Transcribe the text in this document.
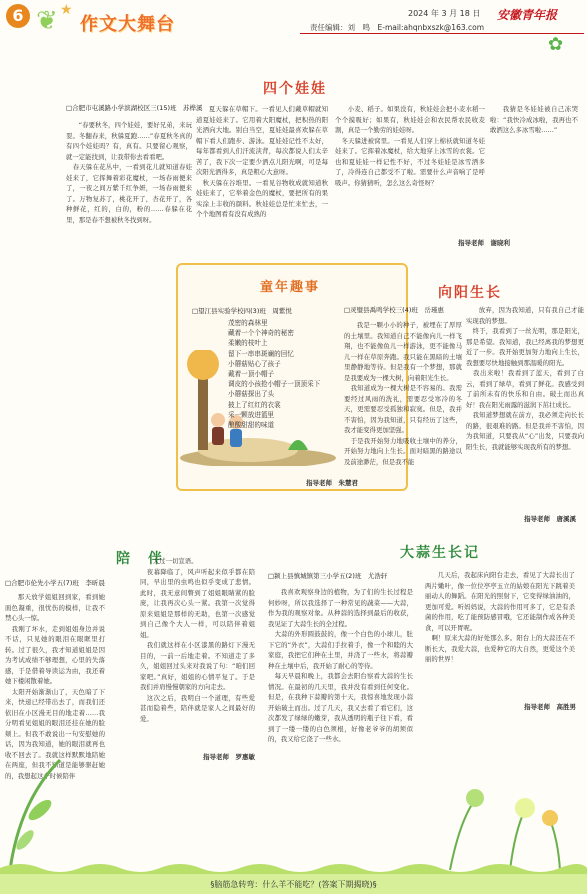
6 ❦ ★
作文大舞台
2024 年 3 月 18 日
责任编辑：刘　鸣　E-mail:ahqnbxszk@163.com
安徽青年报
✿
四个娃娃
□合肥市屯溪路小学滨湖校区三(15)班　苏桦溪

“春要秋冬，四个娃娃，要好兄弟，来玩耍。冬翻春来，秋躲夏跑……”春夏秋冬真的有四个娃娃吗？有，真有。只要留心观察，就一定能找到，让我带你去看看吧。
　春天躲在花丛中，一看到花儿就知道春娃娃来了，它挥舞着彩花魔杖，一场春雨便来了，一夜之间万紫千红争妍，一场春雨便来了。万物复苏了，桃花开了，杏花开了，各种鲜花，红的，白的，粉的……春躲在花里，那是春不想被秋冬找到呀。

夏天躲在草帽下。一看见人们戴草帽就知道夏娃娃来了。它用着大阳魔杖，把积热的阳光洒向大地。别白当空，夏娃娃最喜欢躲在草帽下看人们跑步、游泳。夏娃娃记性不太好，每年都看到人们汗流浃背，每次都说人们太辛苦了，我下次一定要少洒点儿阳光啊，可是每次阳光洒得多，真是粗心大意呀。
　秋天躲在谷堆里。一看见谷物收成就知道秋娃娃来了，它举着金色的魔杖，要把所有的果实涂上丰收的颜料。秋娃娃总是忙来忙去，一个个地图看有没有成熟的

小麦、稻子。如果没有，秋娃娃会把小麦水稻一个个摸吸好；如果有，秋娃娃会和农民帮农民收麦割，真是一个勤劳的娃娃呀。
　冬天躲进被窝里。一看见人们穿上棉袄就知道冬娃娃来了。它挥着冰魔杖，给大地穿上冰雪的衣裳。它也和夏娃娃一样记性不好，不过冬娃娃是冰雪洒多了，冷得连自己都受不了啦。需要什么声音响了是呼吸声。你猜猜听，怎么这么奇怪呀？

我猜是冬娃娃被自己冻哭啦：“我快冷成冰啦，我再也不敢洒这么多冰雪啦……”

指导老师　谢晓利
童年趣事
□望江县实验学校四(3)班　周紫悦
茂密的森林里
藏着一个个神奇的秘密
柔嫩的枝叶上
留下一串串斑斓的回忆
小蘑菇贴心了孩子
戴着一顶小帽子
调皮的小孩抢小帽子一顶顶采下
小蘑菇探出了头
披上了红红的衣裳
采一颗放进篮里
酿酸甜甜的味道
指导老师　朱慧君
向阳生长
□灵璧县禹鸣学校三(4)班　岳瑾惠

我是一颗小小的种子，被埋在了厚厚的土壤里。我知道自己不能像向儿一样飞翔，也不能像鱼儿一样游泳，更不能像马儿一样在草原奔跑。我只能在黑暗的土壤里静静地等待。但是我有一个梦想，那就是我要成为一棵大树，向着阳光生长。
　我知道成为一棵大树是不容易的。我需要经过风雨的洗礼，需要忍受寒冷的冬天，更需要忍受孤独和寂寞。但是，我并不害怕，因为我知道，只有经历了这些，我才能变得更加坚强。
　于是我开始努力地吸收土壤中的养分，开始努力地向上生长。面对暗黑的路途以及前途渺茫，但是我不能

放弃，因为我知道，只有我自己才能实现我的梦想。
　终于，我看到了一丝光明，那是阳光，那是希望。我知道，我已经离我的梦想更近了一步。我开始更加努力地向上生长，我想要尽快地接触到那温暖的阳光。
　我出来啦！我看到了蓝天，看到了白云，看到了绿草，看到了鲜花。我感受到了前所未有的快乐和自由。破土而出真好！我在阳光雨露的滋润下茁壮成长。
　我知道梦想就在前方，我必须走向长长的路，很艰难的路。但是我并不害怕，因为我知道，只要我从“心”出发，只要我向阳生长，我就能够实现我所有的梦想。

指导老师　唐溪溪
陪　伴
□合肥市伦先小学五(7)班　李昕晨

那天放学姐姐回到家，看到她面色凝重，很忧伤的模样，让我不禁心头一惊。
　我刚了坏水，走到姐姐身边并说不话，只见她的眼泪在眼眶里打转。过了很久，我才知道姐姐是因为考试成绩不够理想，心里的失落感，于是借着导读运为由，我还着她下楼闲散着她。
　太阳开始渐渐山了，天色暗了下来，快递已经带出去了，而我们还依旧在小区漫无目的地走着……我分明看见姐姐的眼泪还挂在她的脸颊上。但我不敢说出一句安慰她的话，因为我知道，她的眼泪就再也收不回去了。我就这样默默地陪她在两座，但我不知道是能够驱赶她的，我想起这个时候陪伴

大过一切宣语。
　夜幕降临了，风声听起来似乎都在陪同，早出里的虫鸣也似乎变成了悲情。此时，我无意间瞥到了姐姐眼睛紧的脸庞，让我再次心头一紧。我第一次觉得原来姐姐是那样的无助，也第一次感觉到自己像个大人一样，可以陪伴着姐姐。
　我们就这样在小区漆黑的路灯下漫无目的，一前一后地走着。不知道走了多久，姐姐回过头来对我说了句：“咱们回家吧。”真好，姐姐的心情平复了。于是我们并肩慢慢朝家的方向走去。
　这次之后，我明白一个道理，有些爱甚而隐着些，陪伴就是家人之间最好的爱。

指导老师　罗惠敏
大蒜生长记
□颍上县慎城镇第三小学五(2)班　尤浩轩

我喜欢观察身边的植物，为了们的生长过程是何妙呀，所以我选择了一种常见的蔬菜——大蒜，作为我的观察对象。从种蒜的选择到最后的收获，我见证了大蒜生长的全过程。
　大蒜的外形圆鼓鼓的，像一个白色的小球儿，肚下它的“外衣”，大蒜们手拉着手，像一个和睦的大家庭，我把它们种在土里，并浇了一些水，将蒜瓣种在土壤中后，我开始了耐心的等待。
　每天早晨和晚上，我都会去阳台察看大蒜的生长情况。在最初的几天里，我并没有看到任何变化。但是，在我种下蒜瓣的第十天，我惊喜地发现小蒜开始破土而出。过了几天，我又去看了看它们，这次都发了绿绿的嫩芽，我从透明的瓶子往下看，看到了一缕一缕的白色须根，好像老爷爷的胡须似的，我又给它浇了一些水。

几天后，我起床向阳台走去，看见了大蒜长出了两片嫩叶，像一位位亭亭玉立的姑娘在阳光下跳着美丽动人的舞蹈。在阳光的照射下，它变得绿油油的，更加可爱。听妈妈说，大蒜的作用可多了，它是有杀菌的作用，吃了能预防感冒哦，它还能制作成各种美食，可以开胃呢。
　啊！原来大蒜的好处那么多。阳台上的大蒜还在不断长大，我爱大蒜，也爱种它的大自然，更爱这个美丽的世界！

指导老师　高胜男
§脑筋急转弯：什么羊不能吃？(答案下期揭晓)§
